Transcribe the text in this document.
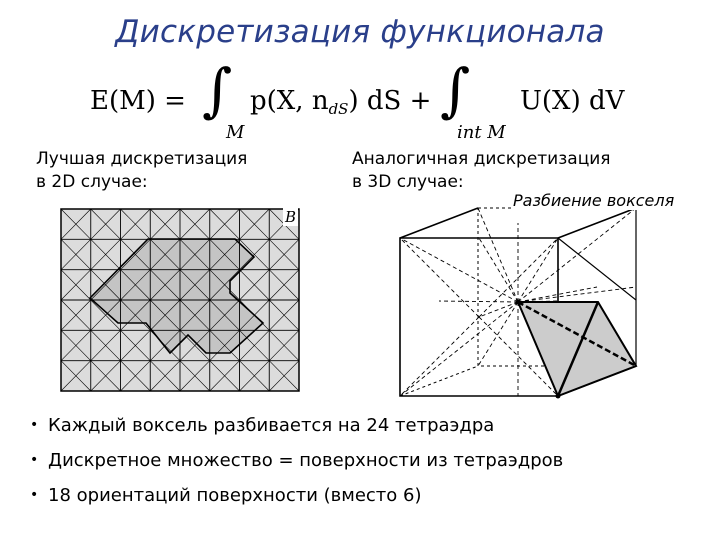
Дискретизация функционала
E(M) = ∫
M
p(X, $n_{dS}$) dS + ∫
int M
U(X) dV
Лучшая дискретизация
в 2D случае:
Аналогичная дискретизация
в 3D случае:
B
Разбиение вокселя
• Каждый воксель разбивается на 24 тетраэдра
• Дискретное множество = поверхности из тетраэдров
• 18 ориентаций поверхности (вместо 6)
